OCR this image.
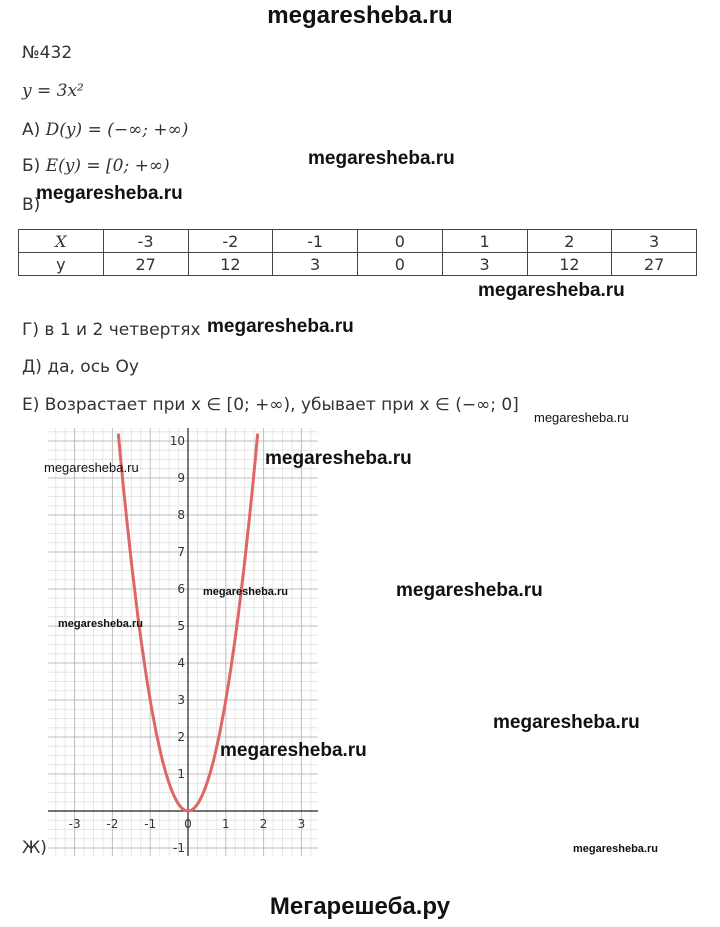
megaresheba.ru
№432
y = 3x²
А) D(y) = (−∞; +∞)
Б) E(y) = [0; +∞)
В)
X	-3	-2	-1	0	1	2	3
у	27	12	3	0	3	12	27
Г) в 1 и 2 четвертях
Д) да, ось Оу
Е) Возрастает при x ∈ [0; +∞), убывает при x ∈ (−∞; 0]
-3 -2 -1 0	1	2	3
-1
1
2
3
4
5
6
7
8
9
10
Ж)
megaresheba.ru
megaresheba.ru
megaresheba.ru
megaresheba.ru
megaresheba.ru
megaresheba.ru
megaresheba.ru
megaresheba.ru
megaresheba.ru
megaresheba.ru
megaresheba.ru
megaresheba.ru
megaresheba.ru
Мегарешеба.ру
